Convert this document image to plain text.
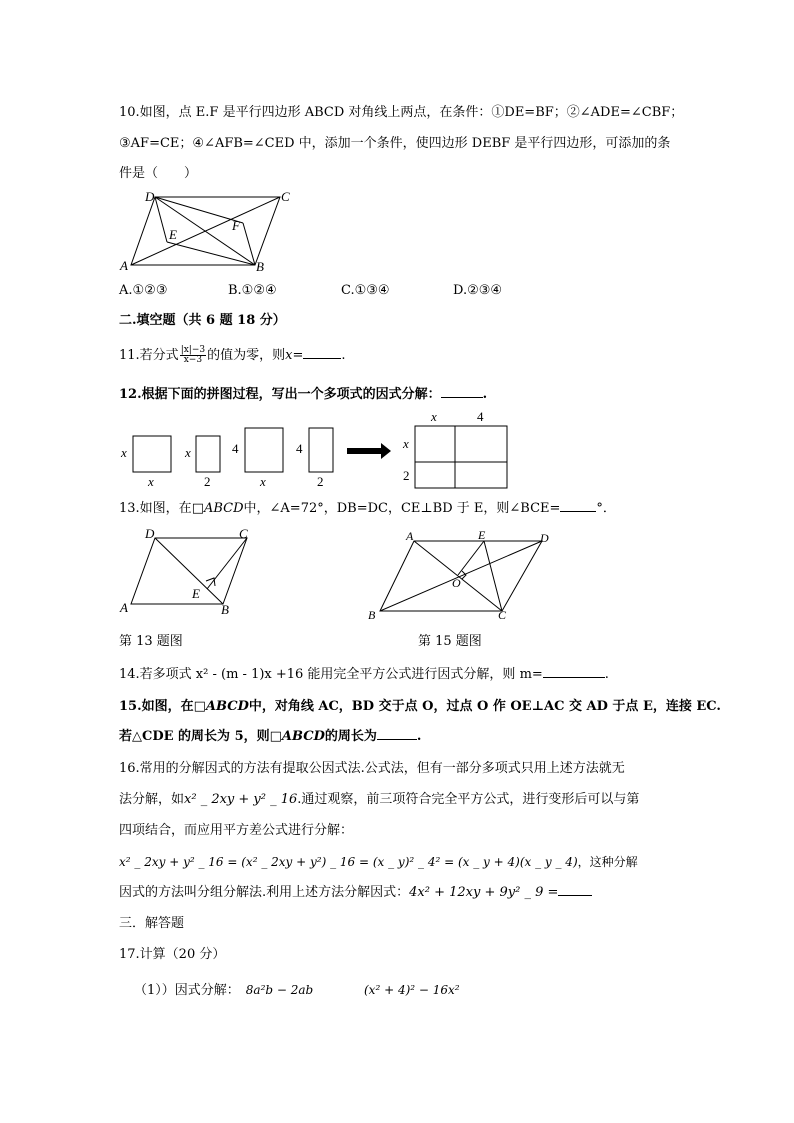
10.如图，点 E.F 是平行四边形 ABCD 对角线上两点，在条件：①DE=BF；②∠ADE=∠CBF；
③AF=CE；④∠AFB=∠CED 中，添加一个条件，使四边形 DEBF 是平行四边形，可添加的条
件是（　　）
A	B
C
D
E
F
A.①②③	B.①②④	C.①③④	D.②③④
二.填空题（共 6 题 18 分）
11.若分式 $\frac{|x|-3}{x-3}$ 的值为零，则x=	.
12.根据下面的拼图过程，写出一个多项式的因式分解：	.
x
x
x
2
4
x
4
2
x	4
x
2
13.如图，在□ABCD中，∠A=72°，DB=DC，CE⊥BD 于 E，则∠BCE=	°．
A	B
C
D
E
第 13 题图
A
B	C
D
E
O
第 15 题图
14.若多项式 x² - (m - 1)x +16 能用完全平方公式进行因式分解，则 m=	.
15.如图，在□ABCD中，对角线 AC，BD 交于点 O，过点 O 作 OE⊥AC 交 AD 于点 E，连接 EC.
若△CDE 的周长为 5，则□ABCD的周长为	.
16.常用的分解因式的方法有提取公因式法.公式法，但有一部分多项式只用上述方法就无
法分解，如x² _ 2xy + y² _ 16.通过观察，前三项符合完全平方公式，进行变形后可以与第
四项结合，而应用平方差公式进行分解：
x² _ 2xy + y² _ 16 = (x² _ 2xy + y²) _ 16 = (x _ y)² _ 4² = (x _ y + 4)(x _ y _ 4)，这种分解
因式的方法叫分组分解法.利用上述方法分解因式：4x² + 12xy + 9y² _ 9 =
三．解答题
17.计算（20 分）
（1））因式分解： 8a²b − 2ab	(x² + 4)² − 16x²
